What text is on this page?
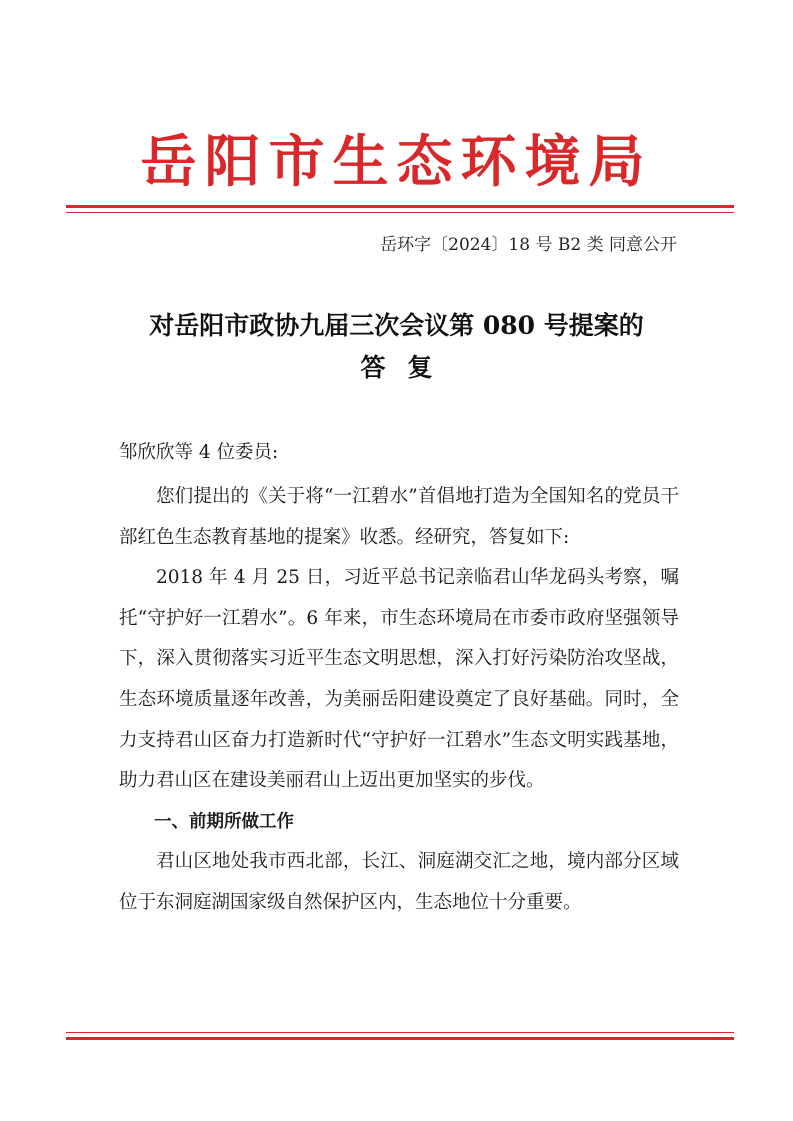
岳阳市生态环境局
岳环字〔2024〕18 号 B2 类 同意公开
对岳阳市政协九届三次会议第 080 号提案的
答复
邹欣欣等 4 位委员:

您们提出的《关于将“一江碧水”首倡地打造为全国知名的党员干部红色生态教育基地的提案》收悉。经研究，答复如下:

2018 年 4 月 25 日，习近平总书记亲临君山华龙码头考察，嘱托“守护好一江碧水”。6 年来，市生态环境局在市委市政府坚强领导下，深入贯彻落实习近平生态文明思想，深入打好污染防治攻坚战，生态环境质量逐年改善，为美丽岳阳建设奠定了良好基础。同时，全力支持君山区奋力打造新时代“守护好一江碧水”生态文明实践基地，助力君山区在建设美丽君山上迈出更加坚实的步伐。

一、前期所做工作

君山区地处我市西北部，长江、洞庭湖交汇之地，境内部分区域位于东洞庭湖国家级自然保护区内，生态地位十分重要。
